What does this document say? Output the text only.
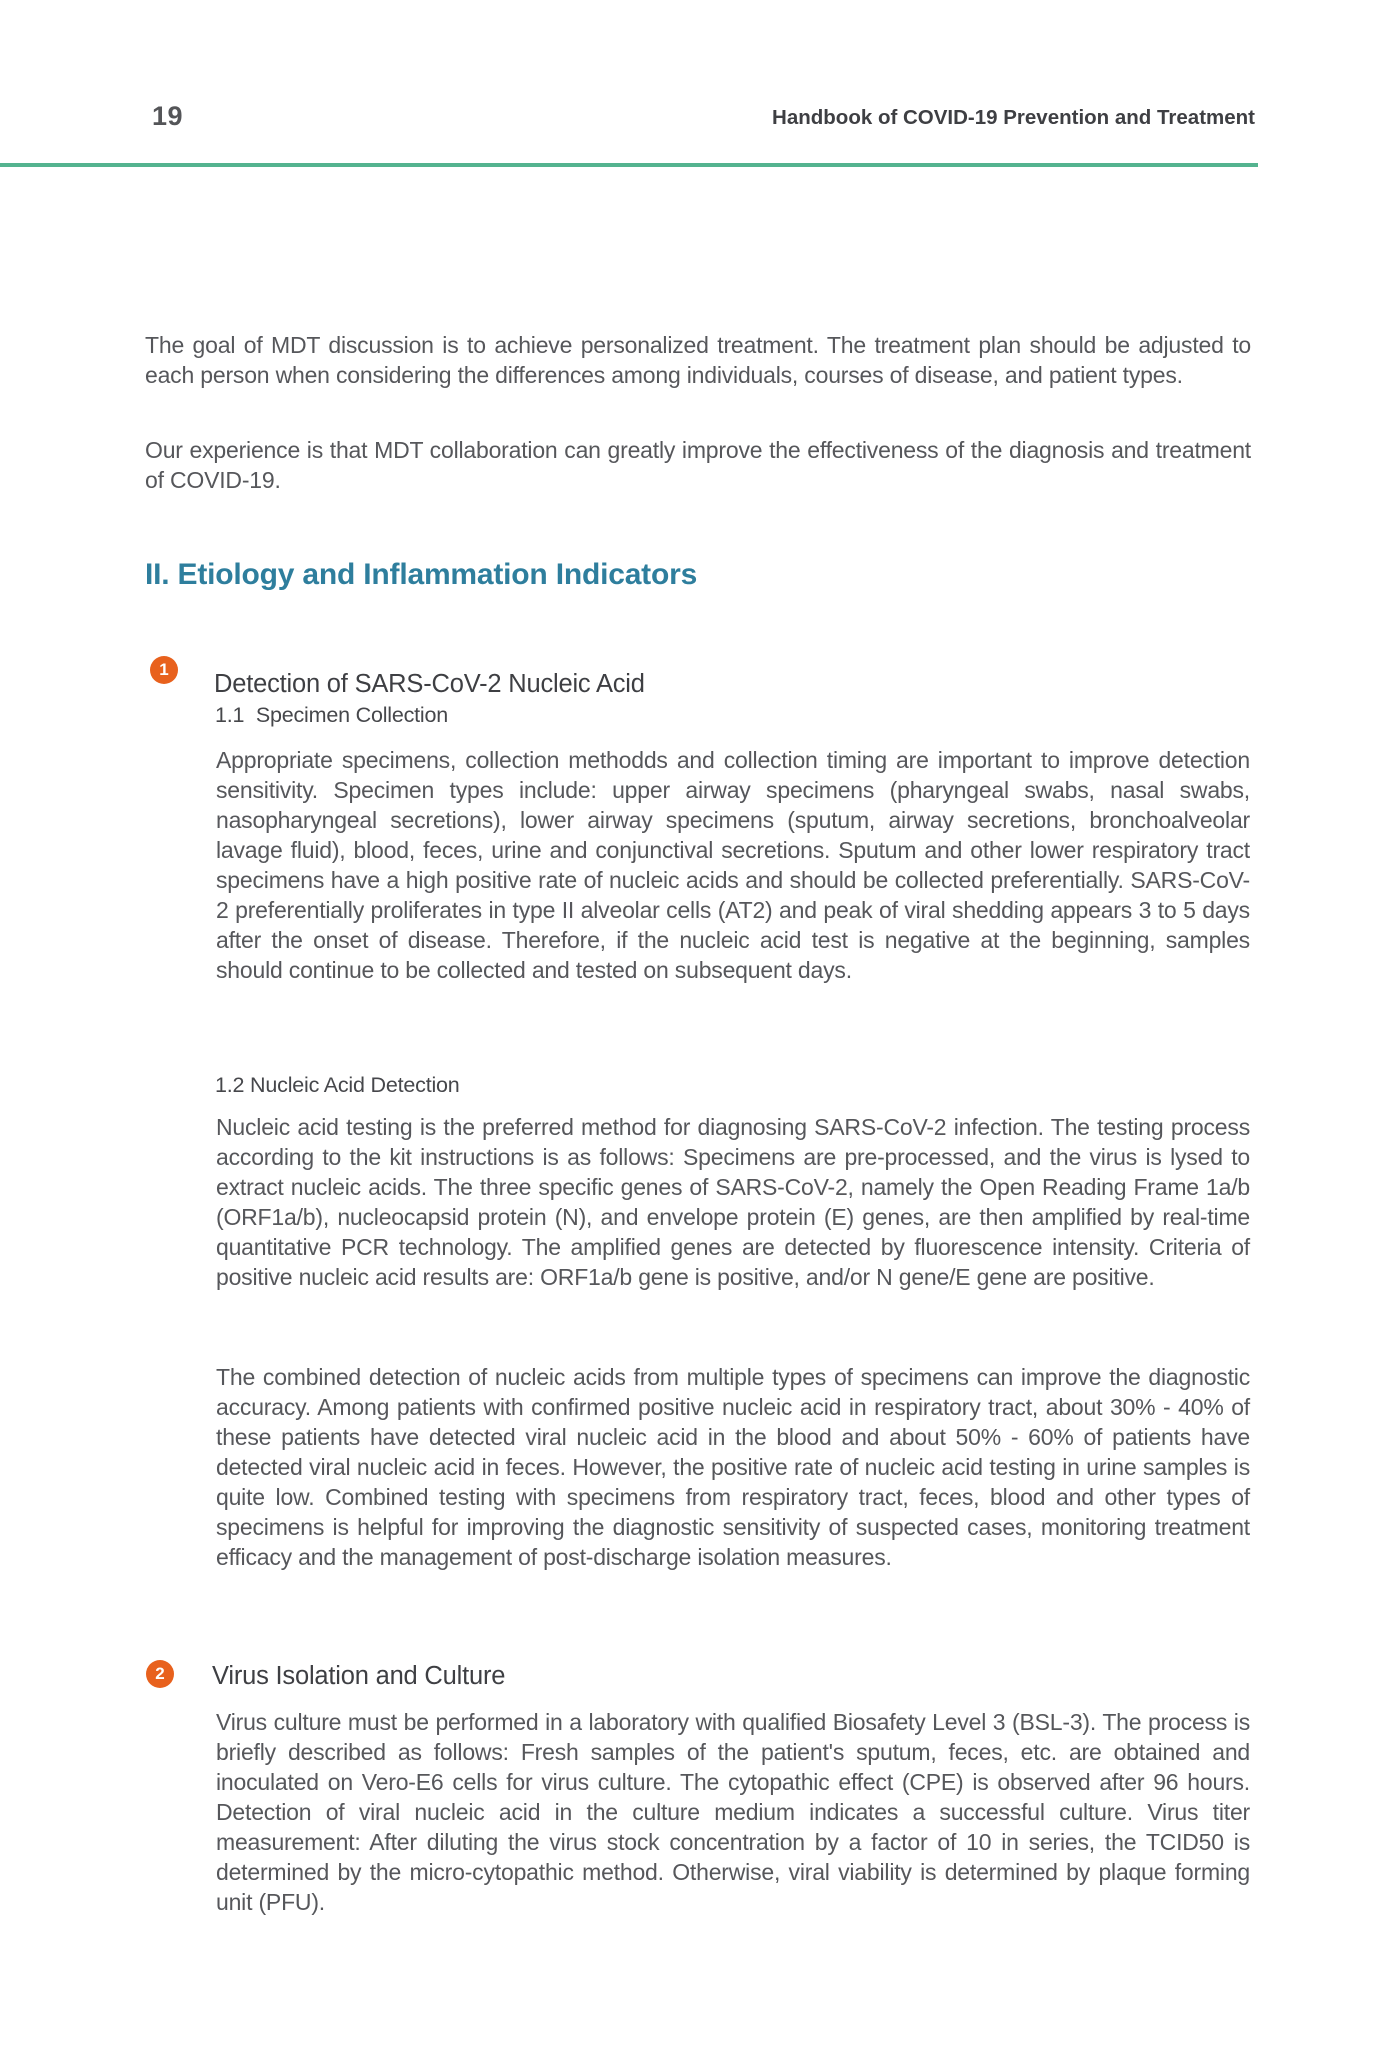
19	Handbook of COVID-19 Prevention and Treatment

The goal of MDT discussion is to achieve personalized treatment. The treatment plan should be adjusted to each person when considering the differences among individuals, courses of disease, and patient types.

Our experience is that MDT collaboration can greatly improve the effectiveness of the diagnosis and treatment of COVID-19.

II. Etiology and Inflammation Indicators
1
Detection of SARS-CoV-2 Nucleic Acid
1.1  Specimen Collection

Appropriate specimens, collection methodds and collection timing are important to improve detection sensitivity. Specimen types include: upper airway specimens (pharyngeal swabs, nasal swabs, nasopharyngeal secretions), lower airway specimens (sputum, airway secretions, bronchoalveolar lavage fluid), blood, feces, urine and conjunctival secretions. Sputum and other lower respiratory tract specimens have a high positive rate of nucleic acids and should be collected preferentially. SARS-CoV-2 preferentially proliferates in type II alveolar cells (AT2) and peak of viral shedding appears 3 to 5 days after the onset of disease. Therefore, if the nucleic acid test is negative at the beginning, samples should continue to be collected and tested on subsequent days.

1.2 Nucleic Acid Detection

Nucleic acid testing is the preferred method for diagnosing SARS-CoV-2 infection. The testing process according to the kit instructions is as follows: Specimens are pre-processed, and the virus is lysed to extract nucleic acids. The three specific genes of SARS-CoV-2, namely the Open Reading Frame 1a/b (ORF1a/b), nucleocapsid protein (N), and envelope protein (E) genes, are then amplified by real-time quantitative PCR technology. The amplified genes are detected by fluorescence intensity. Criteria of positive nucleic acid results are: ORF1a/b gene is positive, and/or N gene/E gene are positive.

The combined detection of nucleic acids from multiple types of specimens can improve the diagnostic accuracy. Among patients with confirmed positive nucleic acid in respiratory tract, about 30% - 40% of these patients have detected viral nucleic acid in the blood and about 50% - 60% of patients have detected viral nucleic acid in feces. However, the positive rate of nucleic acid testing in urine samples is quite low. Combined testing with specimens from respiratory tract, feces, blood and other types of specimens is helpful for improving the diagnostic sensitivity of suspected cases, monitoring treatment efficacy and the management of post-discharge isolation measures.

2 Virus Isolation and Culture

Virus culture must be performed in a laboratory with qualified Biosafety Level 3 (BSL-3). The process is briefly described as follows: Fresh samples of the patient's sputum, feces, etc. are obtained and inoculated on Vero-E6 cells for virus culture. The cytopathic effect (CPE) is observed after 96 hours. Detection of viral nucleic acid in the culture medium indicates a successful culture. Virus titer measurement: After diluting the virus stock concentration by a factor of 10 in series, the TCID50 is determined by the micro-cytopathic method. Otherwise, viral viability is determined by plaque forming unit (PFU).
